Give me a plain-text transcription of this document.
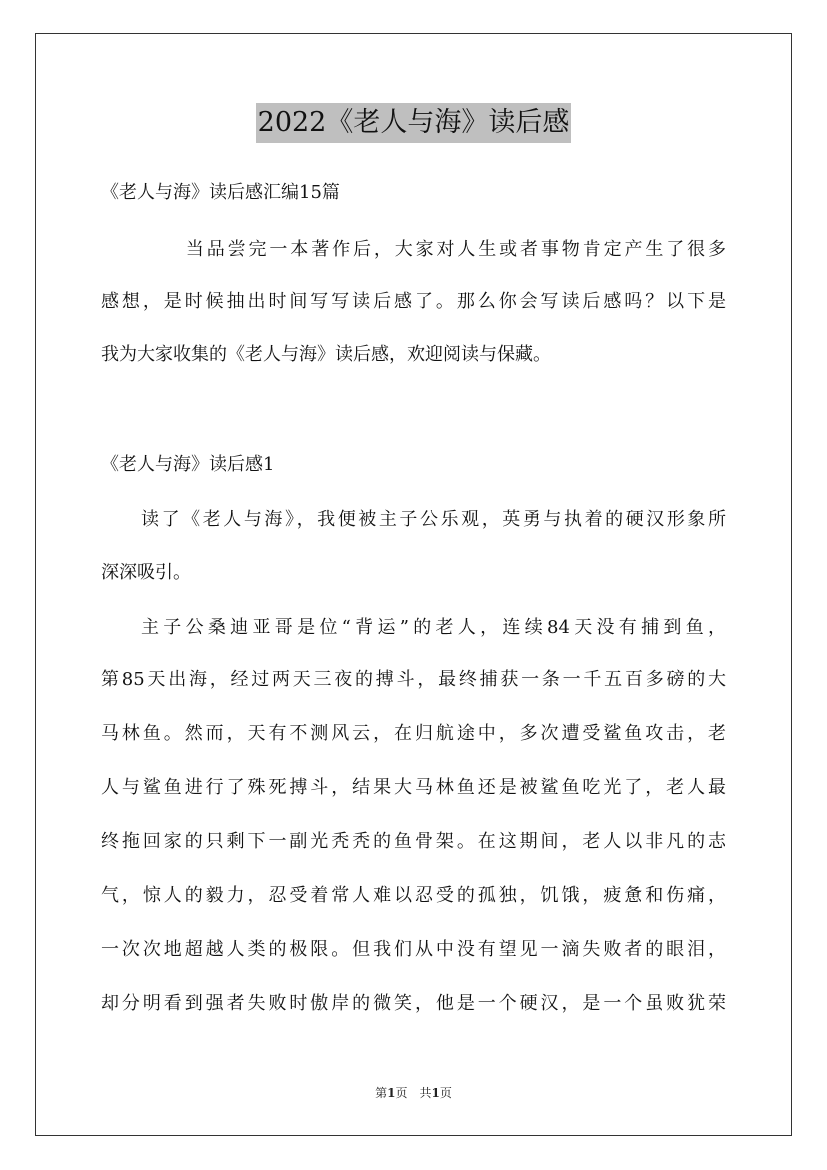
2022《老人与海》读后感
《老人与海》读后感汇编15篇
当品尝完一本著作后，大家对人生或者事物肯定产生了很多
感想，是时候抽出时间写写读后感了。那么你会写读后感吗？以下是
我为大家收集的《老人与海》读后感，欢迎阅读与保藏。
《老人与海》读后感1
读了《老人与海》，我便被主子公乐观，英勇与执着的硬汉形象所
深深吸引。
主子公桑迪亚哥是位“背运”的老人，连续84天没有捕到鱼，
第85天出海，经过两天三夜的搏斗，最终捕获一条一千五百多磅的大
马林鱼。然而，天有不测风云，在归航途中，多次遭受鲨鱼攻击，老
人与鲨鱼进行了殊死搏斗，结果大马林鱼还是被鲨鱼吃光了，老人最
终拖回家的只剩下一副光秃秃的鱼骨架。在这期间，老人以非凡的志
气，惊人的毅力，忍受着常人难以忍受的孤独，饥饿，疲惫和伤痛，
一次次地超越人类的极限。但我们从中没有望见一滴失败者的眼泪，
却分明看到强者失败时傲岸的微笑，他是一个硬汉，是一个虽败犹荣
第1页 共1页
